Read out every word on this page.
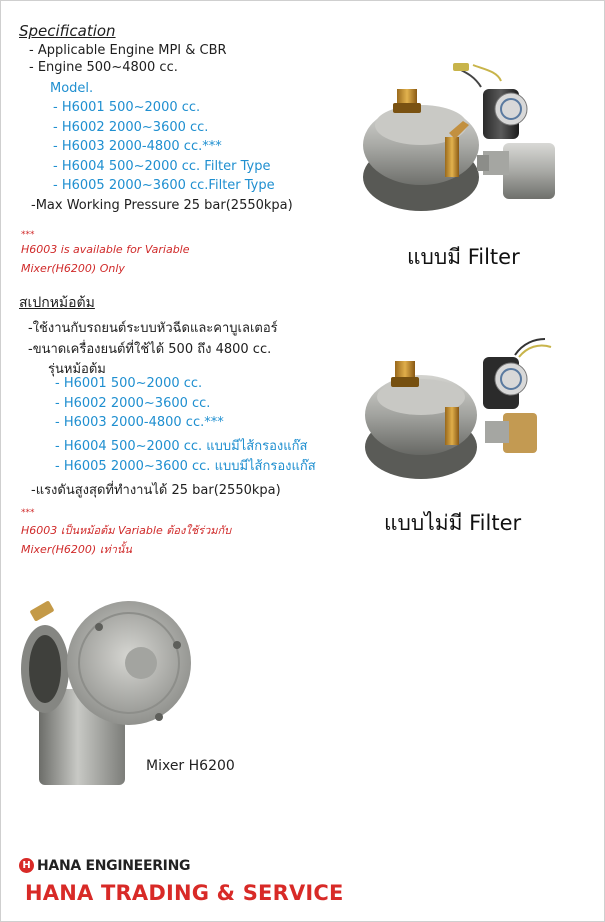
Specification
- Applicable Engine MPI & CBR
- Engine 500~4800 cc.
Model.
- H6001 500~2000 cc.
- H6002 2000~3600 cc.
- H6003 2000-4800 cc.***
- H6004 500~2000 cc. Filter Type
- H6005 2000~3600 cc.Filter Type
-Max Working Pressure 25 bar(2550kpa)
***
H6003 is available for Variable
Mixer(H6200) Only
สเปกหม้อต้ม
-ใช้งานกับรถยนต์ระบบหัวฉีดและคาบูเลเตอร์
-ขนาดเครื่องยนต์ที่ใช้ได้ 500 ถึง 4800 cc.
รุ่นหม้อต้ม
- H6001 500~2000 cc.
- H6002 2000~3600 cc.
- H6003 2000-4800 cc.***
- H6004 500~2000 cc. แบบมีไส้กรองแก๊ส
- H6005 2000~3600 cc. แบบมีไส้กรองแก๊ส
-แรงดันสูงสุดที่ทำงานได้ 25 bar(2550kpa)
***
H6003 เป็นหม้อต้ม Variable ต้องใช้ร่วมกับ
Mixer(H6200) เท่านั้น
แบบมี Filter
แบบไม่มี Filter
Mixer H6200
H HANA ENGINEERING
HANA TRADING & SERVICE
